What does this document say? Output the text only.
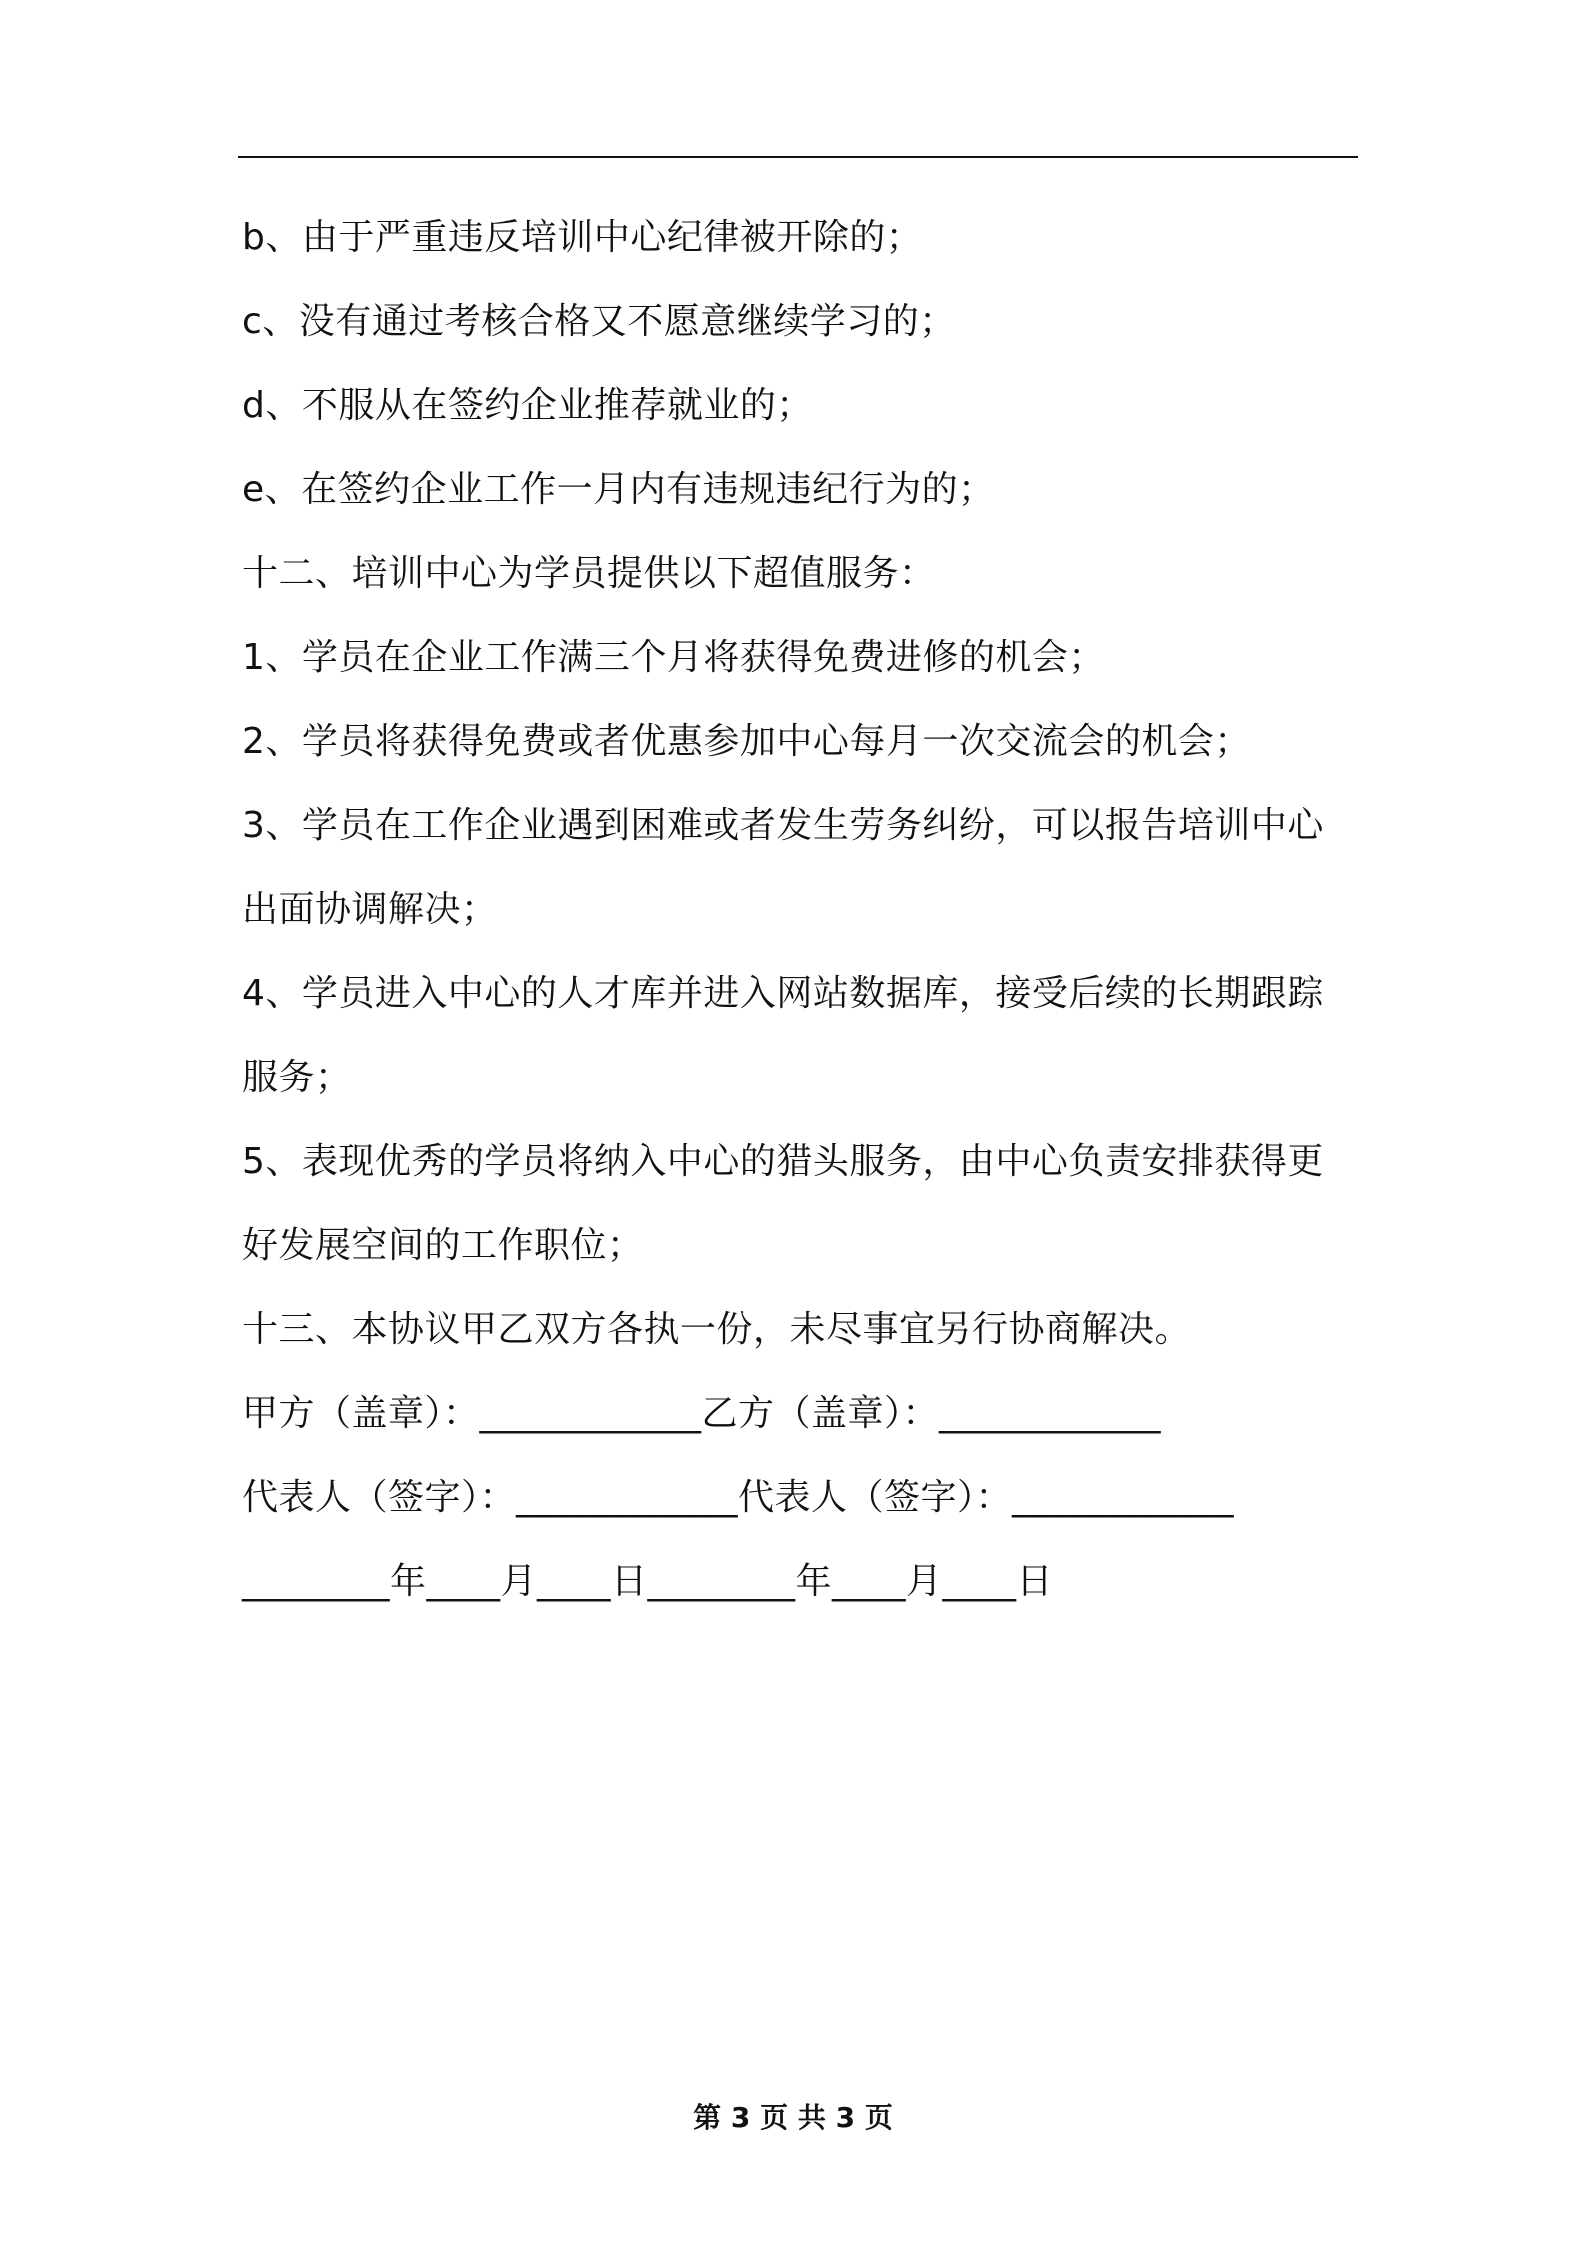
b、由于严重违反培训中心纪律被开除的；
c、没有通过考核合格又不愿意继续学习的；
d、不服从在签约企业推荐就业的；
e、在签约企业工作一月内有违规违纪行为的；
十二、培训中心为学员提供以下超值服务：
1、学员在企业工作满三个月将获得免费进修的机会；
2、学员将获得免费或者优惠参加中心每月一次交流会的机会；
3、学员在工作企业遇到困难或者发生劳务纠纷，可以报告培训中心
出面协调解决；
4、学员进入中心的人才库并进入网站数据库，接受后续的长期跟踪
服务；
5、表现优秀的学员将纳入中心的猎头服务，由中心负责安排获得更
好发展空间的工作职位；
十三、本协议甲乙双方各执一份，未尽事宜另行协商解决。
甲方（盖章）：____________乙方（盖章）：____________
代表人（签字）：____________代表人（签字）：____________
________年____月____日________年____月____日
第 3 页 共 3 页
